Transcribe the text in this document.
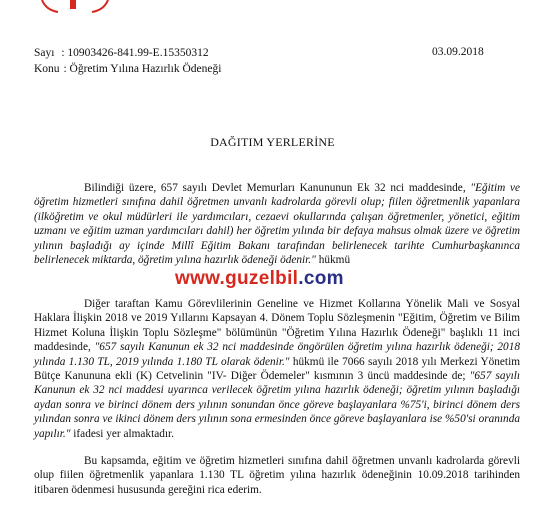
Sayı : 10903426-841.99-E.15350312
Konu : Öğretim Yılına Hazırlık Ödeneği
03.09.2018
DAĞITIM YERLERİNE

Bilindiği üzere, 657 sayılı Devlet Memurları Kanununun Ek 32 nci maddesinde, "Eğitim ve öğretim hizmetleri sınıfına dahil öğretmen unvanlı kadrolarda görevli olup; fiilen öğretmenlik yapanlara (ilköğretim ve okul müdürleri ile yardımcıları, cezaevi okullarında çalışan öğretmenler, yönetici, eğitim uzmanı ve eğitim uzman yardımcıları dahil) her öğretim yılında bir defaya mahsus olmak üzere ve öğretim yılının başladığı ay içinde Millî Eğitim Bakanı tarafından belirlenecek tarihte Cumhurbaşkanınca belirlenecek miktarda, öğretim yılına hazırlık ödeneği ödenir." hükmü

Diğer taraftan Kamu Görevlilerinin Geneline ve Hizmet Kollarına Yönelik Mali ve Sosyal Haklara İlişkin 2018 ve 2019 Yıllarını Kapsayan 4. Dönem Toplu Sözleşmenin "Eğitim, Öğretim ve Bilim Hizmet Koluna İlişkin Toplu Sözleşme" bölümünün "Öğretim Yılına Hazırlık Ödeneği" başlıklı 11 inci maddesinde, "657 sayılı Kanunun ek 32 nci maddesinde öngörülen öğretim yılına hazırlık ödeneği; 2018 yılında 1.130 TL, 2019 yılında 1.180 TL olarak ödenir." hükmü ile 7066 sayılı 2018 yılı Merkezi Yönetim Bütçe Kanununa ekli (K) Cetvelinin "IV- Diğer Ödemeler" kısmının 3 üncü maddesinde de; "657 sayılı Kanunun ek 32 nci maddesi uyarınca verilecek öğretim yılına hazırlık ödeneği; öğretim yılının başladığı aydan sonra ve birinci dönem ders yılının sonundan önce göreve başlayanlara %75'i, birinci dönem ders yılından sonra ve ikinci dönem ders yılının sona ermesinden önce göreve başlayanlara ise %50'si oranında yapılır." ifadesi yer almaktadır.

Bu kapsamda, eğitim ve öğretim hizmetleri sınıfına dahil öğretmen unvanlı kadrolarda görevli olup fiilen öğretmenlik yapanlara 1.130 TL öğretim yılına hazırlık ödeneğinin 10.09.2018 tarihinden itibaren ödenmesi hususunda gereğini rica ederim.

www.guzelbil.com
